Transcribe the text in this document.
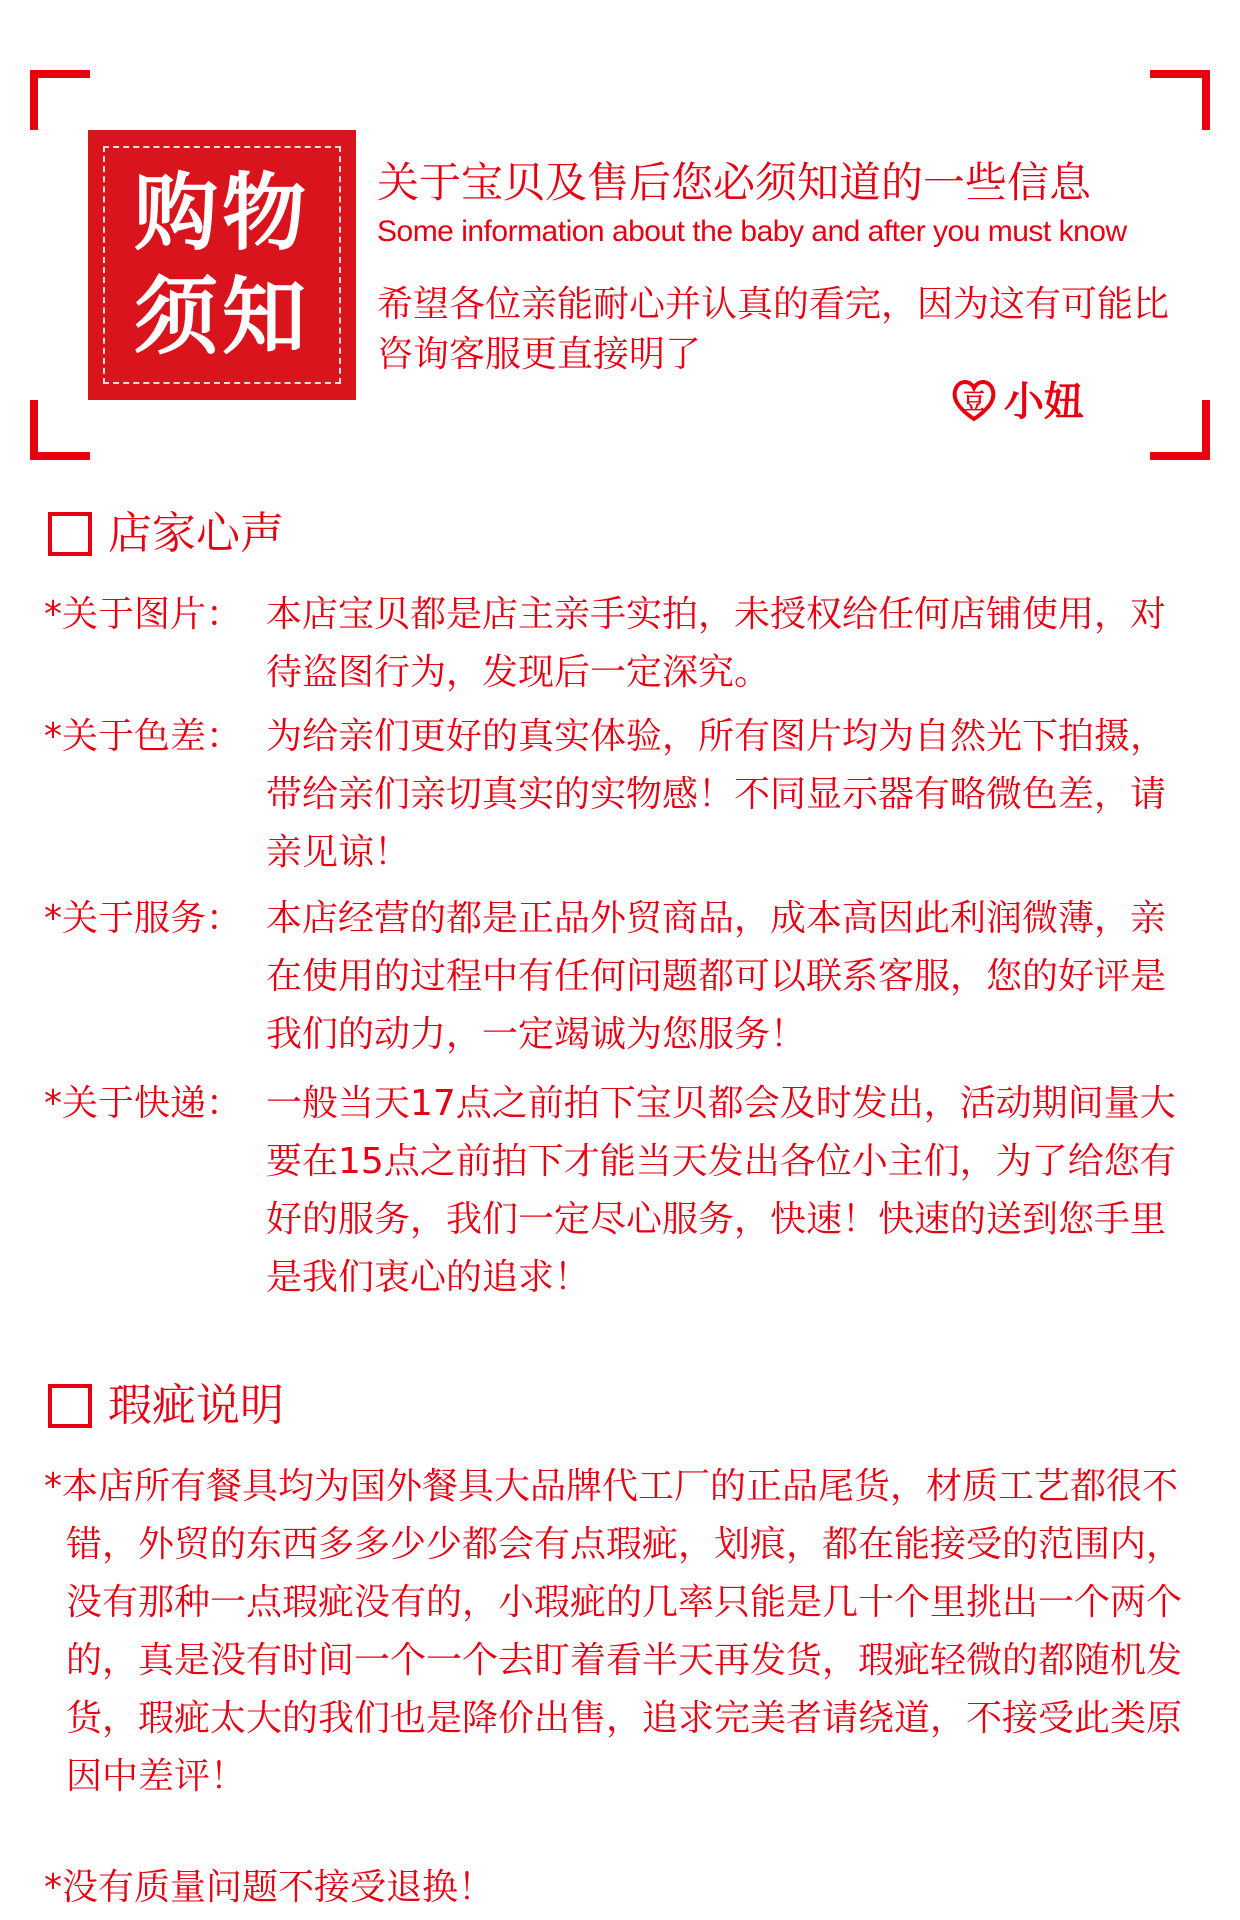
购物
须知
关于宝贝及售后您必须知道的一些信息
Some information about the baby and after you must know
希望各位亲能耐心并认真的看完，因为这有可能比咨询客服更直接明了
豆 小妞
店家心声
*关于图片： 本店宝贝都是店主亲手实拍，未授权给任何店铺使用，对待盗图行为，发现后一定深究。
*关于色差： 为给亲们更好的真实体验，所有图片均为自然光下拍摄，带给亲们亲切真实的实物感！不同显示器有略微色差，请亲见谅！
*关于服务： 本店经营的都是正品外贸商品，成本高因此利润微薄，亲在使用的过程中有任何问题都可以联系客服，您的好评是我们的动力，一定竭诚为您服务！
*关于快递： 一般当天17点之前拍下宝贝都会及时发出，活动期间量大要在15点之前拍下才能当天发出各位小主们，为了给您有好的服务，我们一定尽心服务，快速！快速的送到您手里是我们衷心的追求！
瑕疵说明
*本店所有餐具均为国外餐具大品牌代工厂的正品尾货，材质工艺都很不错，外贸的东西多多少少都会有点瑕疵，划痕，都在能接受的范围内，没有那种一点瑕疵没有的，小瑕疵的几率只能是几十个里挑出一个两个的，真是没有时间一个一个去盯着看半天再发货，瑕疵轻微的都随机发货，瑕疵太大的我们也是降价出售，追求完美者请绕道，不接受此类原因中差评！
*没有质量问题不接受退换！
